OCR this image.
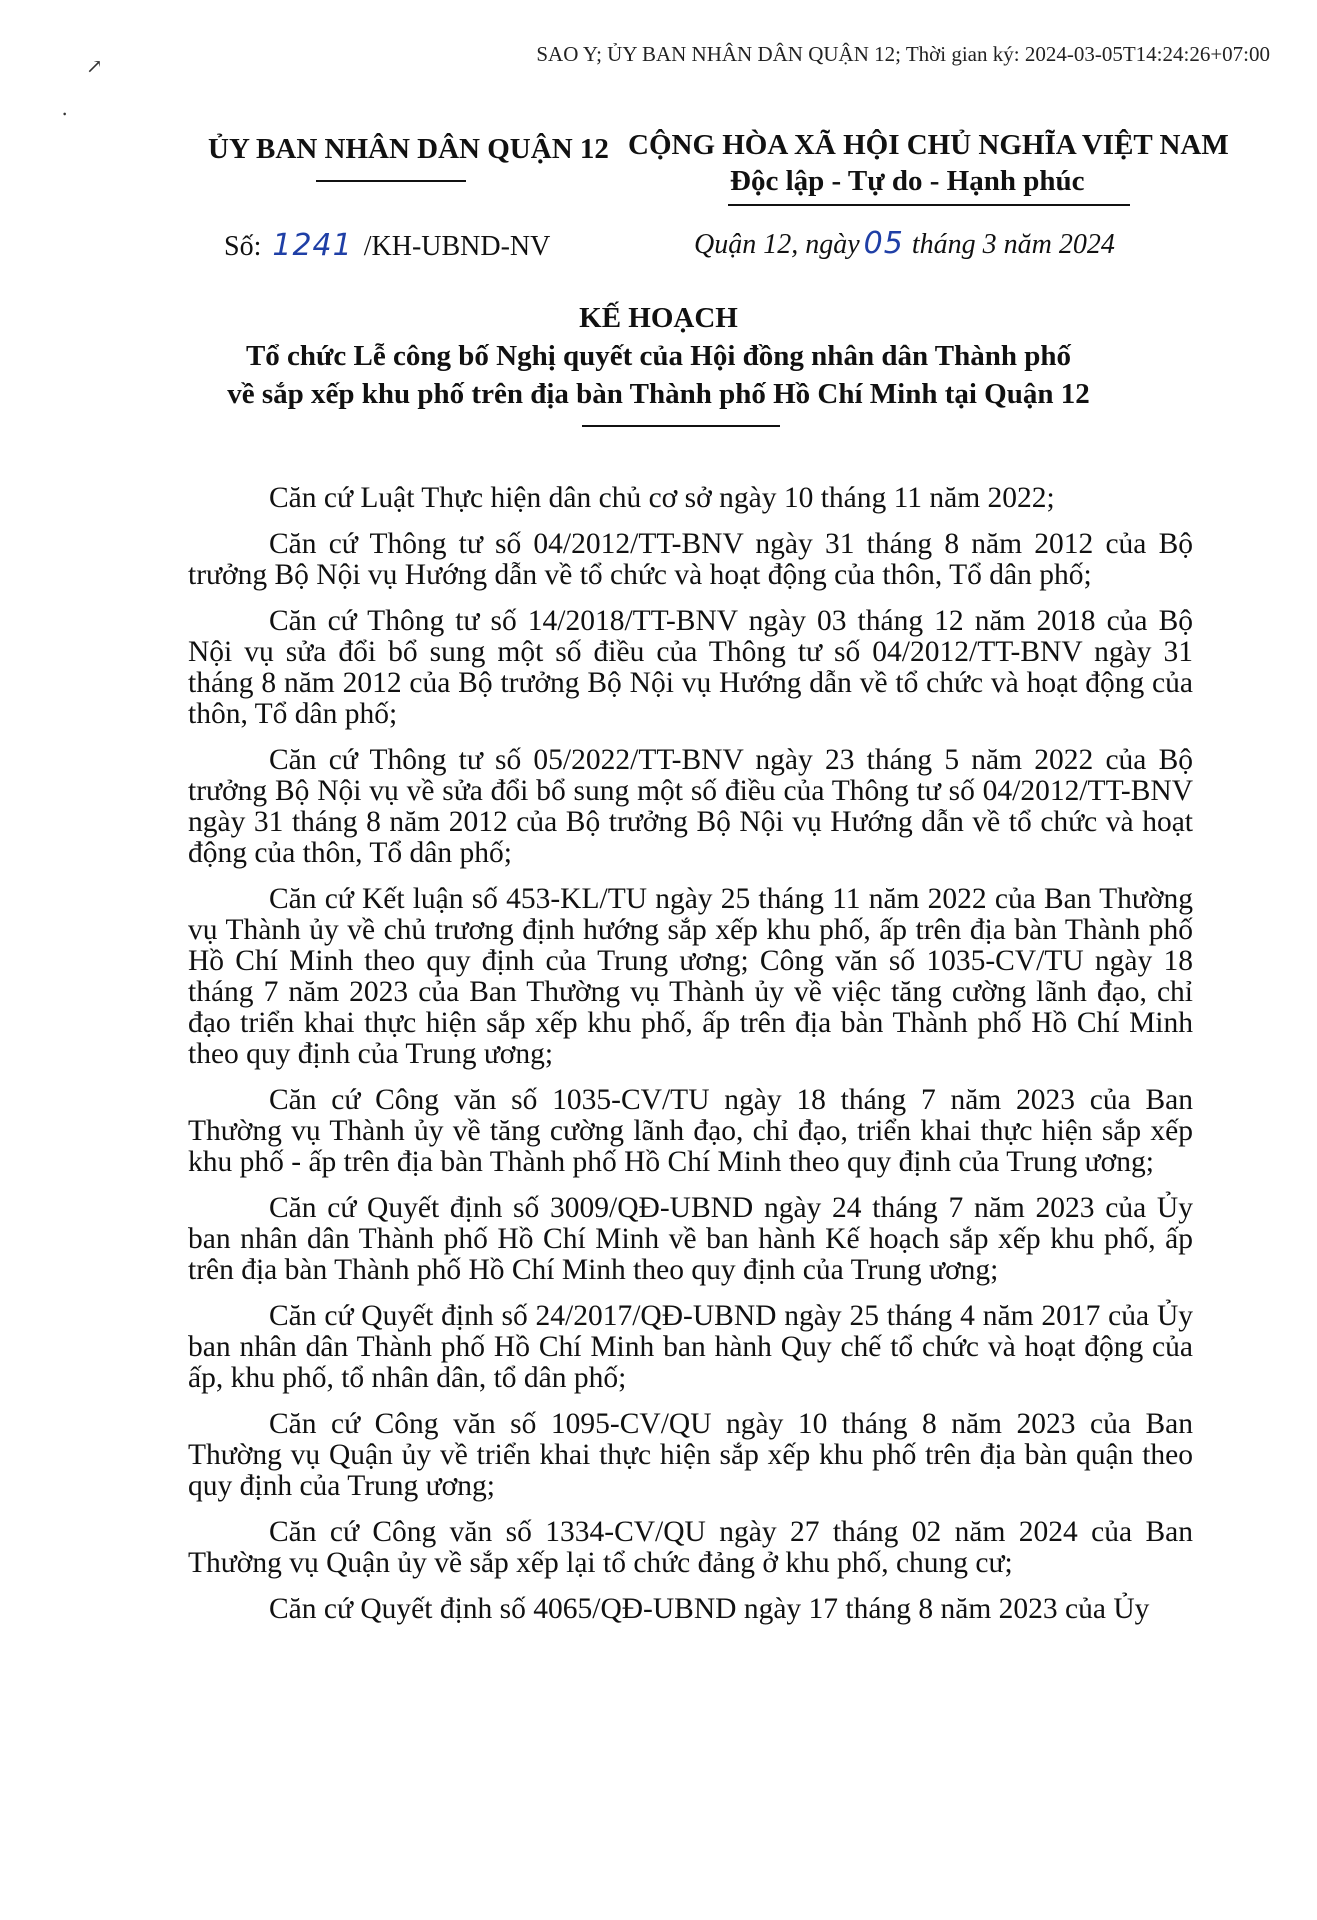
SAO Y; ỦY BAN NHÂN DÂN QUẬN 12; Thời gian ký: 2024-03-05T14:24:26+07:00
↗
⸱
ỦY BAN NHÂN DÂN QUẬN 12 CỘNG HÒA XÃ HỘI CHỦ NGHĨA VIỆT NAM
Độc lập - Tự do - Hạnh phúc
Số: 1241 /KH-UBND-NV	Quận 12, ngày 05 tháng 3 năm 2024
KẾ HOẠCH
Tổ chức Lễ công bố Nghị quyết của Hội đồng nhân dân Thành phố
về sắp xếp khu phố trên địa bàn Thành phố Hồ Chí Minh tại Quận 12

Căn cứ Luật Thực hiện dân chủ cơ sở ngày 10 tháng 11 năm 2022;

Căn cứ Thông tư số 04/2012/TT-BNV ngày 31 tháng 8 năm 2012 của Bộ trưởng Bộ Nội vụ Hướng dẫn về tổ chức và hoạt động của thôn, Tổ dân phố;

Căn cứ Thông tư số 14/2018/TT-BNV ngày 03 tháng 12 năm 2018 của Bộ Nội vụ sửa đổi bổ sung một số điều của Thông tư số 04/2012/TT-BNV ngày 31 tháng 8 năm 2012 của Bộ trưởng Bộ Nội vụ Hướng dẫn về tổ chức và hoạt động của thôn, Tổ dân phố;

Căn cứ Thông tư số 05/2022/TT-BNV ngày 23 tháng 5 năm 2022 của Bộ trưởng Bộ Nội vụ về sửa đổi bổ sung một số điều của Thông tư số 04/2012/TT-BNV ngày 31 tháng 8 năm 2012 của Bộ trưởng Bộ Nội vụ Hướng dẫn về tổ chức và hoạt động của thôn, Tổ dân phố;

Căn cứ Kết luận số 453-KL/TU ngày 25 tháng 11 năm 2022 của Ban Thường vụ Thành ủy về chủ trương định hướng sắp xếp khu phố, ấp trên địa bàn Thành phố Hồ Chí Minh theo quy định của Trung ương; Công văn số 1035-CV/TU ngày 18 tháng 7 năm 2023 của Ban Thường vụ Thành ủy về việc tăng cường lãnh đạo, chỉ đạo triển khai thực hiện sắp xếp khu phố, ấp trên địa bàn Thành phố Hồ Chí Minh theo quy định của Trung ương;

Căn cứ Công văn số 1035-CV/TU ngày 18 tháng 7 năm 2023 của Ban Thường vụ Thành ủy về tăng cường lãnh đạo, chỉ đạo, triển khai thực hiện sắp xếp khu phố - ấp trên địa bàn Thành phố Hồ Chí Minh theo quy định của Trung ương;

Căn cứ Quyết định số 3009/QĐ-UBND ngày 24 tháng 7 năm 2023 của Ủy ban nhân dân Thành phố Hồ Chí Minh về ban hành Kế hoạch sắp xếp khu phố, ấp trên địa bàn Thành phố Hồ Chí Minh theo quy định của Trung ương;

Căn cứ Quyết định số 24/2017/QĐ-UBND ngày 25 tháng 4 năm 2017 của Ủy ban nhân dân Thành phố Hồ Chí Minh ban hành Quy chế tổ chức và hoạt động của ấp, khu phố, tổ nhân dân, tổ dân phố;

Căn cứ Công văn số 1095-CV/QU ngày 10 tháng 8 năm 2023 của Ban Thường vụ Quận ủy về triển khai thực hiện sắp xếp khu phố trên địa bàn quận theo quy định của Trung ương;

Căn cứ Công văn số 1334-CV/QU ngày 27 tháng 02 năm 2024 của Ban Thường vụ Quận ủy về sắp xếp lại tổ chức đảng ở khu phố, chung cư;

Căn cứ Quyết định số 4065/QĐ-UBND ngày 17 tháng 8 năm 2023 của Ủy
